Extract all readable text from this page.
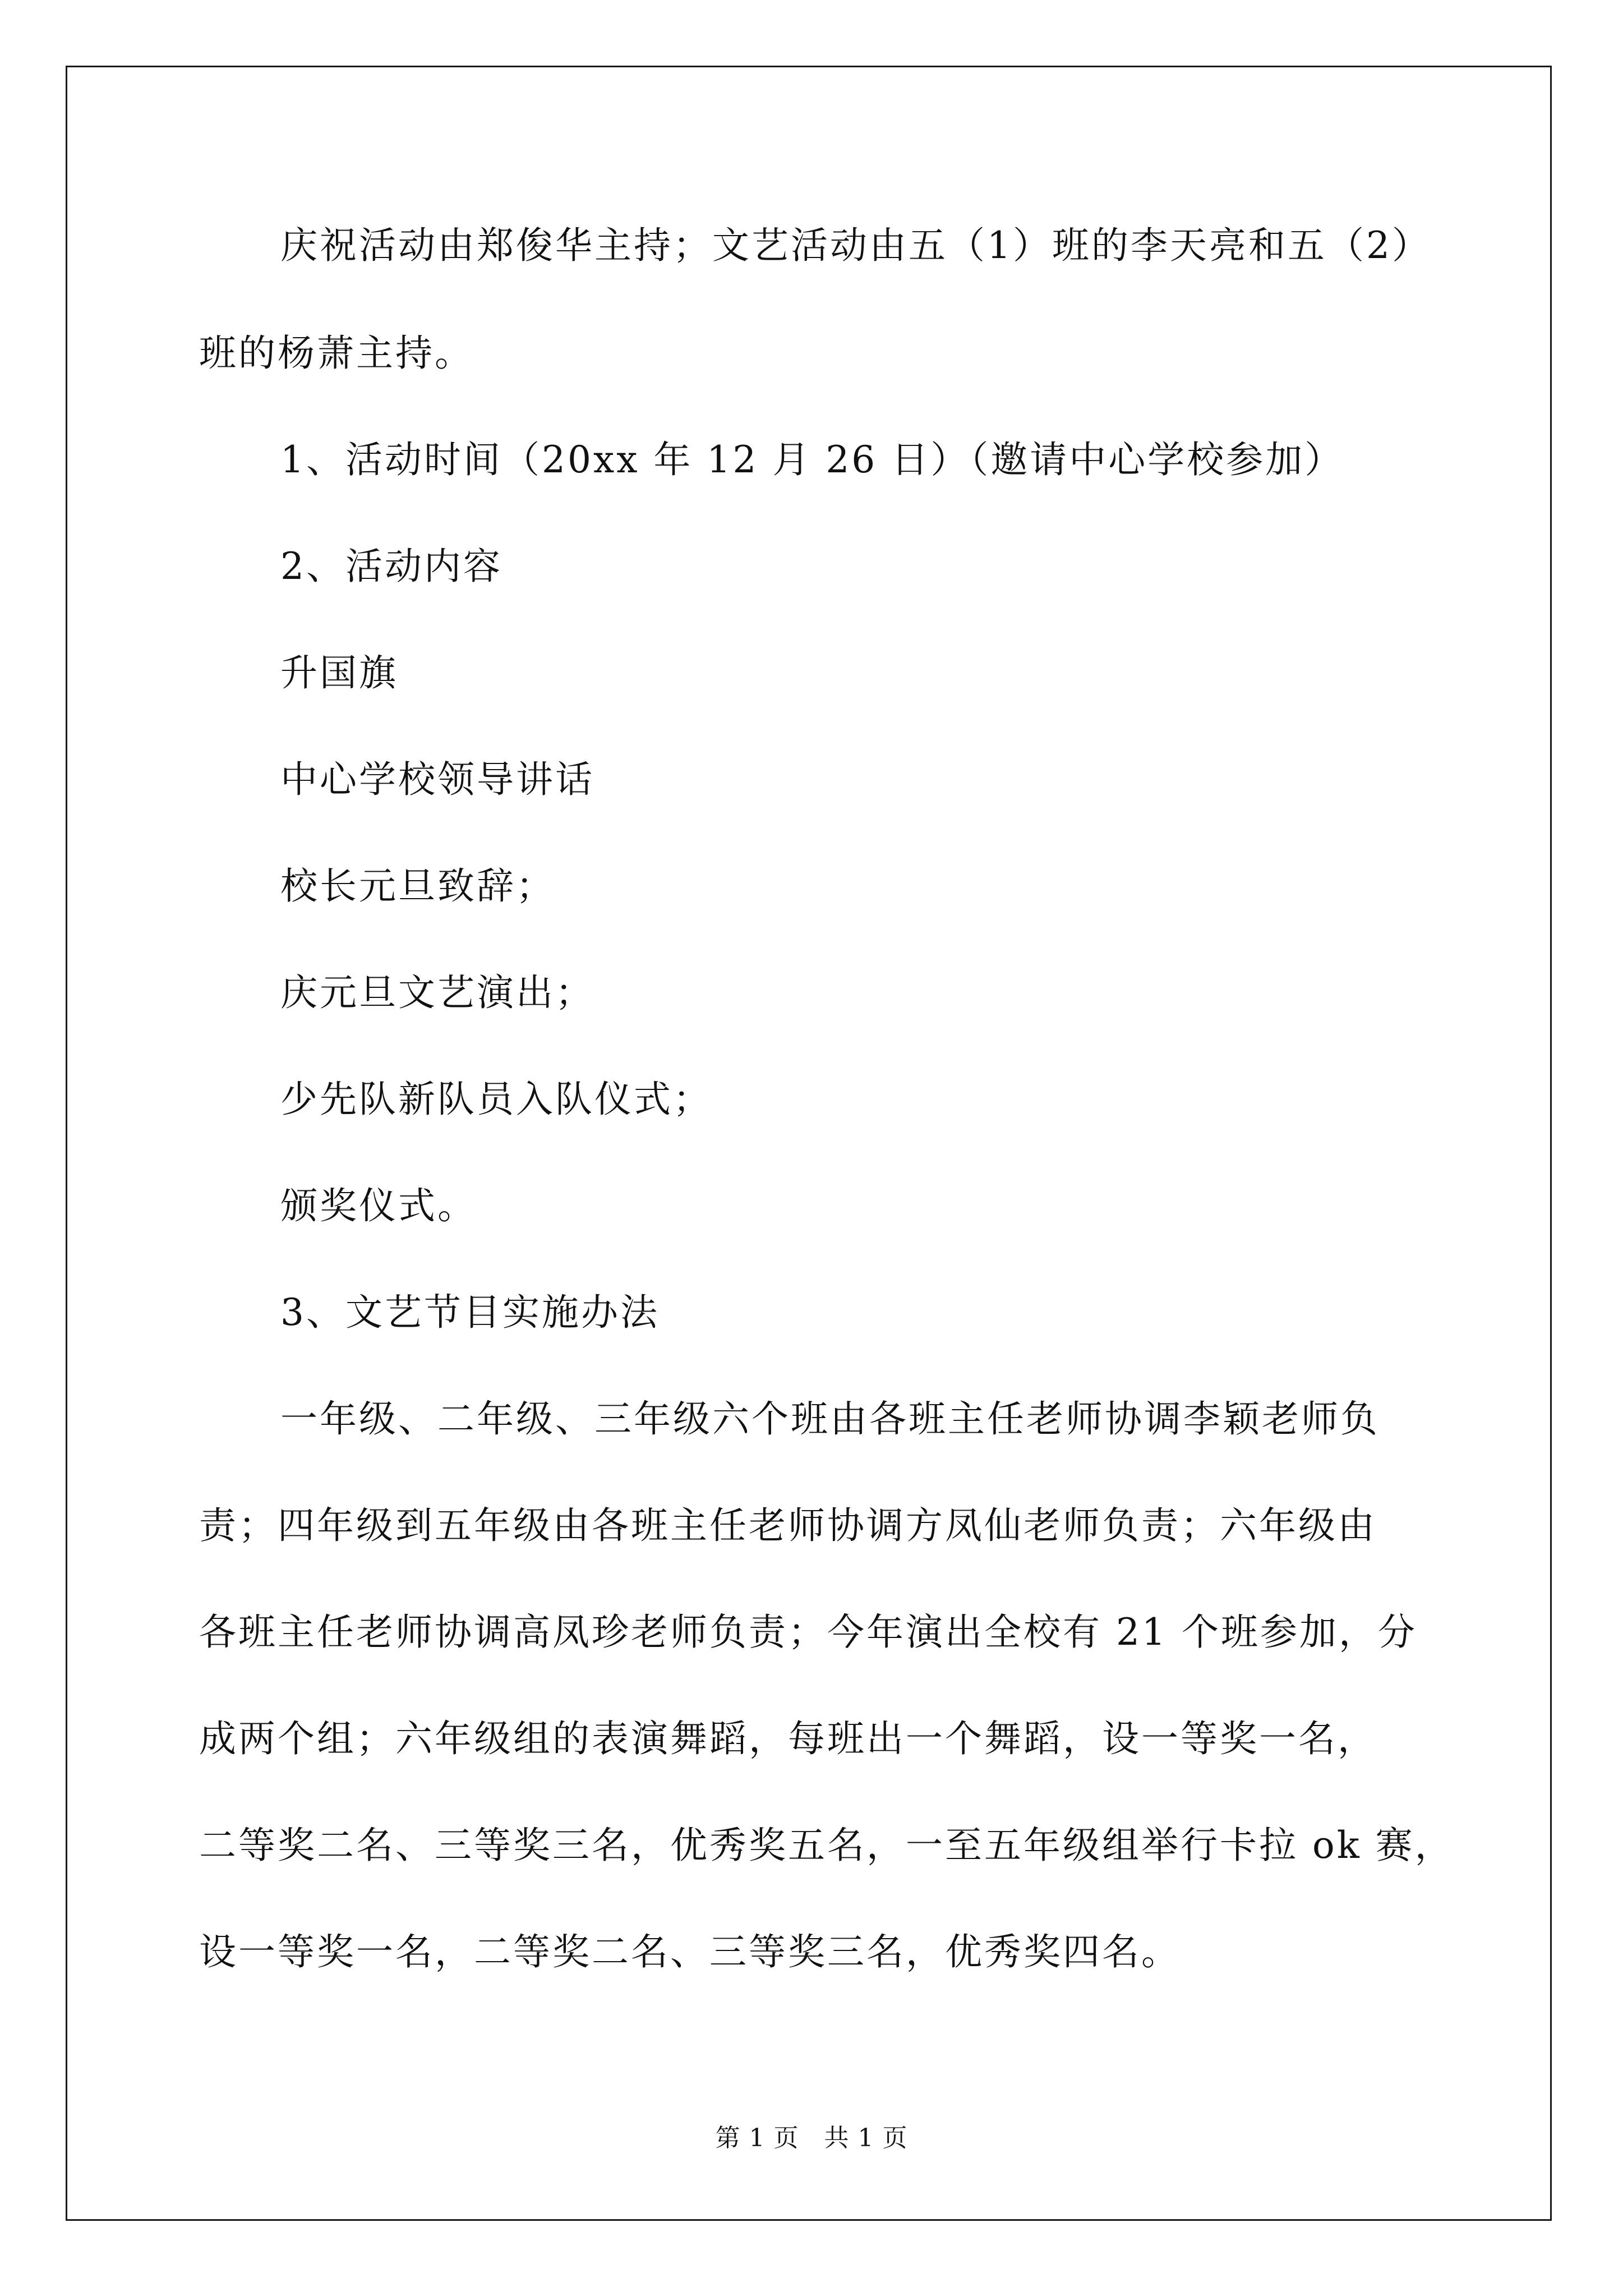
庆祝活动由郑俊华主持；文艺活动由五（1）班的李天亮和五（2）

班的杨萧主持。

1、活动时间（20xx 年 12 月 26 日）（邀请中心学校参加）

2、活动内容

升国旗

中心学校领导讲话

校长元旦致辞；

庆元旦文艺演出；

少先队新队员入队仪式；

颁奖仪式。

3、文艺节目实施办法

一年级、二年级、三年级六个班由各班主任老师协调李颖老师负

责；四年级到五年级由各班主任老师协调方凤仙老师负责；六年级由

各班主任老师协调高凤珍老师负责；今年演出全校有 21 个班参加，分

成两个组；六年级组的表演舞蹈，每班出一个舞蹈，设一等奖一名，

二等奖二名、三等奖三名，优秀奖五名，一至五年级组举行卡拉 ok 赛，

设一等奖一名，二等奖二名、三等奖三名，优秀奖四名。

第 1 页   共 1 页
